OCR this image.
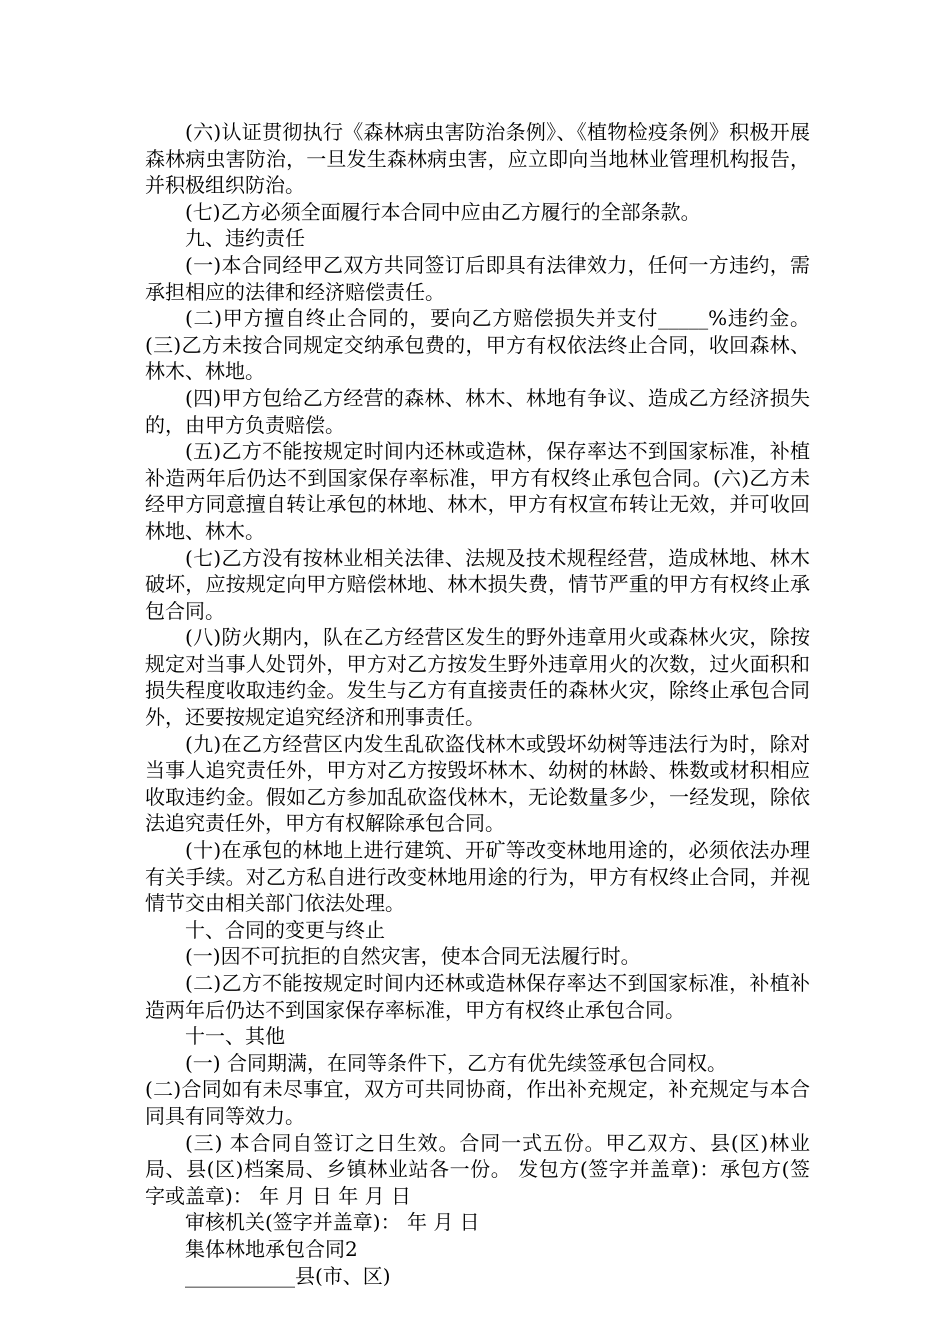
(六)认证贯彻执行《森林病虫害防治条例》、《植物检疫条例》积极开展森林病虫害防治，一旦发生森林病虫害，应立即向当地林业管理机构报告，并积极组织防治。

(七)乙方必须全面履行本合同中应由乙方履行的全部条款。

九、违约责任

(一)本合同经甲乙双方共同签订后即具有法律效力，任何一方违约，需承担相应的法律和经济赔偿责任。

(二)甲方擅自终止合同的，要向乙方赔偿损失并支付_____%违约金。(三)乙方未按合同规定交纳承包费的，甲方有权依法终止合同，收回森林、林木、林地。

(四)甲方包给乙方经营的森林、林木、林地有争议、造成乙方经济损失的，由甲方负责赔偿。

(五)乙方不能按规定时间内还林或造林，保存率达不到国家标准，补植补造两年后仍达不到国家保存率标准，甲方有权终止承包合同。(六)乙方未经甲方同意擅自转让承包的林地、林木，甲方有权宣布转让无效，并可收回林地、林木。

(七)乙方没有按林业相关法律、法规及技术规程经营，造成林地、林木破坏，应按规定向甲方赔偿林地、林木损失费，情节严重的甲方有权终止承包合同。

(八)防火期内，队在乙方经营区发生的野外违章用火或森林火灾，除按规定对当事人处罚外，甲方对乙方按发生野外违章用火的次数，过火面积和损失程度收取违约金。发生与乙方有直接责任的森林火灾，除终止承包合同外，还要按规定追究经济和刑事责任。

(九)在乙方经营区内发生乱砍盗伐林木或毁坏幼树等违法行为时，除对当事人追究责任外，甲方对乙方按毁坏林木、幼树的林龄、株数或材积相应收取违约金。假如乙方参加乱砍盗伐林木，无论数量多少，一经发现，除依法追究责任外，甲方有权解除承包合同。

(十)在承包的林地上进行建筑、开矿等改变林地用途的，必须依法办理有关手续。对乙方私自进行改变林地用途的行为，甲方有权终止合同，并视情节交由相关部门依法处理。

十、合同的变更与终止

(一)因不可抗拒的自然灾害，使本合同无法履行时。

(二)乙方不能按规定时间内还林或造林保存率达不到国家标准，补植补造两年后仍达不到国家保存率标准，甲方有权终止承包合同。

十一、其他

(一) 合同期满，在同等条件下，乙方有优先续签承包合同权。

(二)合同如有未尽事宜，双方可共同协商，作出补充规定，补充规定与本合同具有同等效力。

(三) 本合同自签订之日生效。合同一式五份。甲乙双方、县(区)林业局、县(区)档案局、乡镇林业站各一份。 发包方(签字并盖章)：承包方(签字或盖章)： 年 月 日 年 月 日

审核机关(签字并盖章)： 年 月 日

集体林地承包合同2

___________县(市、区)
